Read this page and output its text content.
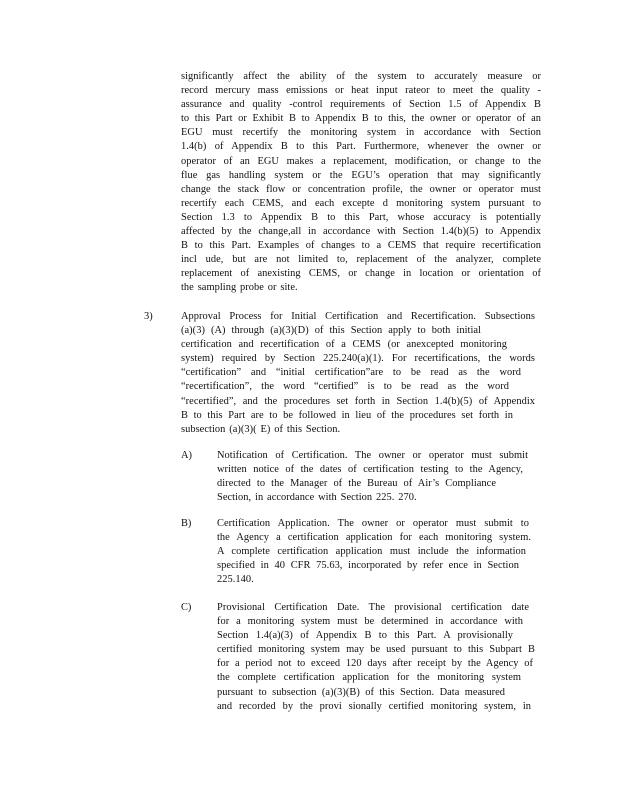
significantly affect the ability of the system to accurately measure or
record mercury mass emissions or heat input rateor to meet the quality -
assurance and quality -control requirements of Section 1.5 of Appendix B
to this Part or Exhibit B to Appendix B to this, the owner or operator of an
EGU must recertify the monitoring system in accordance with Section
1.4(b) of Appendix B to this Part. Furthermore, whenever the owner or
operator of an EGU makes a replacement, modification, or change to the
flue gas handling system or the EGU’s operation that may significantly
change the stack flow or concentration profile, the owner or operator must
recertify each CEMS, and each excepte d monitoring system pursuant to
Section 1.3 to Appendix B to this Part, whose accuracy is potentially
affected by the change,all in accordance with Section 1.4(b)(5) to Appendix
B to this Part. Examples of changes to a CEMS that require recertification
incl ude, but are not limited to, replacement of the analyzer, complete
replacement of anexisting CEMS, or change in location or orientation of
the sampling probe or site.
3)	Approval Process for Initial Certification and Recertification. Subsections
(a)(3) (A) through (a)(3)(D) of this Section apply to both initial
certification and recertification of a CEMS (or anexcepted monitoring
system) required by Section 225.240(a)(1). For recertifications, the words
“certification” and “initial certification”are to be read as the word
“recertification”, the word “certified” is to be read as the word
“recertified”, and the procedures set forth in Section 1.4(b)(5) of Appendix
B to this Part are to be followed in lieu of the procedures set forth in
subsection (a)(3)( E) of this Section.
A) Notification of Certification. The owner or operator must submit
written notice of the dates of certification testing to the Agency,
directed to the Manager of the Bureau of Air’s Compliance
Section, in accordance with Section 225. 270.
B) Certification Application. The owner or operator must submit to
the Agency a certification application for each monitoring system.
A complete certification application must include the information
specified in 40 CFR 75.63, incorporated by refer ence in Section
225.140.
C) Provisional Certification Date. The provisional certification date
for a monitoring system must be determined in accordance with
Section 1.4(a)(3) of Appendix B to this Part. A provisionally
certified monitoring system may be used pursuant to this Subpart B
for a period not to exceed 120 days after receipt by the Agency of
the complete certification application for the monitoring system
pursuant to subsection (a)(3)(B) of this Section. Data measured
and recorded by the provi sionally certified monitoring system, in
